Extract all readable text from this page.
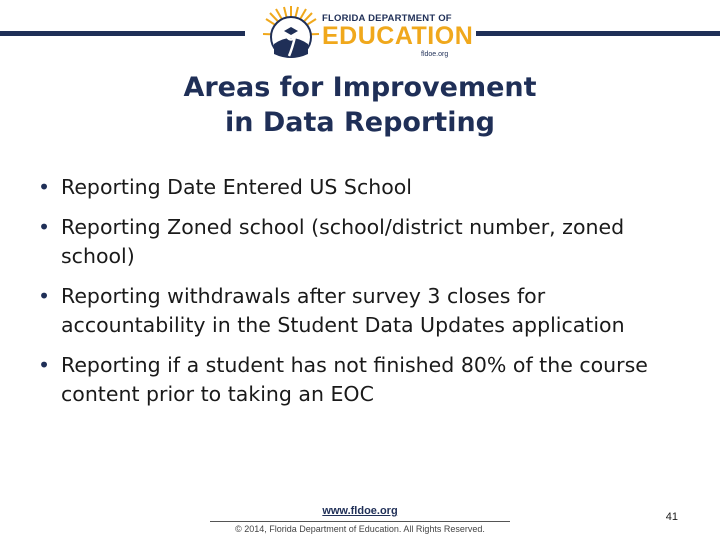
FLORIDA DEPARTMENT OF
EDUCATION
fldoe.org
Areas for Improvement
in Data Reporting
• Reporting Date Entered US School
• Reporting Zoned school (school/district number, zoned school)
• Reporting withdrawals after survey 3 closes for accountability in the Student Data Updates application
• Reporting if a student has not finished 80% of the course content prior to taking an EOC
www.fldoe.org
© 2014, Florida Department of Education. All Rights Reserved.
41
